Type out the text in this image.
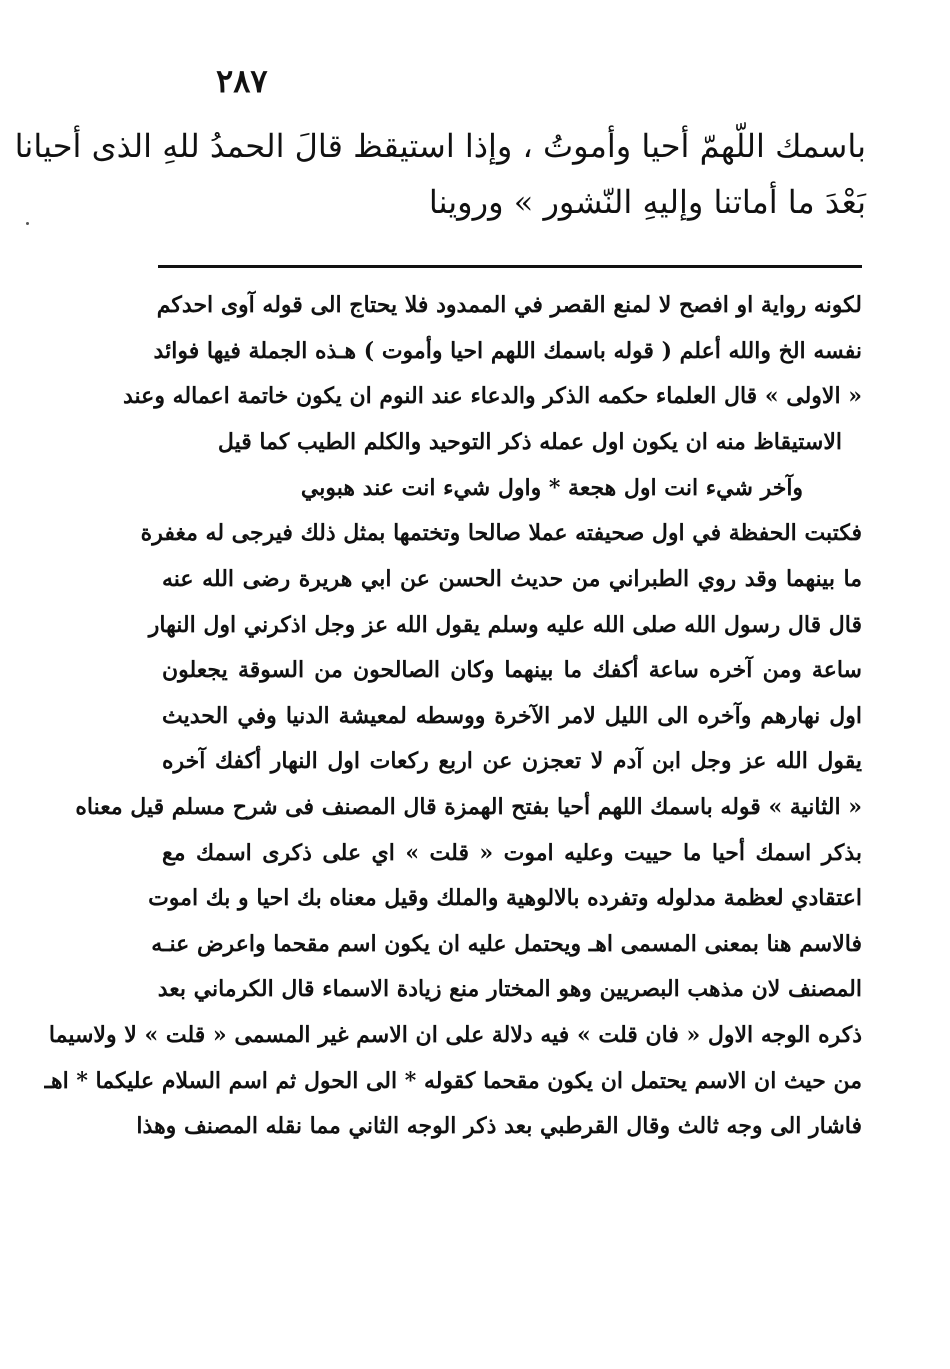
٢٨٧
باسمك اللّهمّ أحيا وأموتُ ، وإذا استيقظ قالَ الحمدُ للهِ الذى أحيانا
بَعْدَ ما أماتنا وإليهِ النّشور » وروينا
لكونه رواية او افصح لا لمنع القصر في الممدود فلا يحتاج الى قوله آوى احدكم
نفسه الخ والله أعلم ( قوله باسمك اللهم احيا وأموت ) هـذه الجملة فيها فوائد
« الاولى » قال العلماء حكمه الذكر والدعاء عند النوم ان يكون خاتمة اعماله وعند
الاستيقاظ منه ان يكون اول عمله ذكر التوحيد والكلم الطيب كما قيل
وآخر شيء انت اول هجعة * واول شيء انت عند هبوبي
فكتبت الحفظة في اول صحيفته عملا صالحا وتختمها بمثل ذلك فيرجى له مغفرة
ما بينهما وقد روي الطبراني من حديث الحسن عن ابي هريرة رضى الله عنه
قال قال رسول الله صلى الله عليه وسلم يقول الله عز وجل اذكرني اول النهار
ساعة ومن آخره ساعة أكفك ما بينهما وكان الصالحون من السوقة يجعلون
اول نهارهم وآخره الى الليل لامر الآخرة ووسطه لمعيشة الدنيا وفي الحديث
يقول الله عز وجل ابن آدم لا تعجزن عن اربع ركعات اول النهار أكفك آخره
« الثانية » قوله باسمك اللهم أحيا بفتح الهمزة قال المصنف فى شرح مسلم قيل معناه
بذكر اسمك أحيا ما حييت وعليه اموت « قلت » اي على ذكرى اسمك مع
اعتقادي لعظمة مدلوله وتفرده بالالوهية والملك وقيل معناه بك احيا و بك اموت
فالاسم هنا بمعنى المسمى اهـ ويحتمل عليه ان يكون اسم مقحما واعرض عنـه
المصنف لان مذهب البصريين وهو المختار منع زيادة الاسماء قال الكرماني بعد
ذكره الوجه الاول « فان قلت » فيه دلالة على ان الاسم غير المسمى « قلت » لا ولاسيما
من حيث ان الاسم يحتمل ان يكون مقحما كقوله * الى الحول ثم اسم السلام عليكما * اهـ
فاشار الى وجه ثالث وقال القرطبي بعد ذكر الوجه الثاني مما نقله المصنف وهذا
